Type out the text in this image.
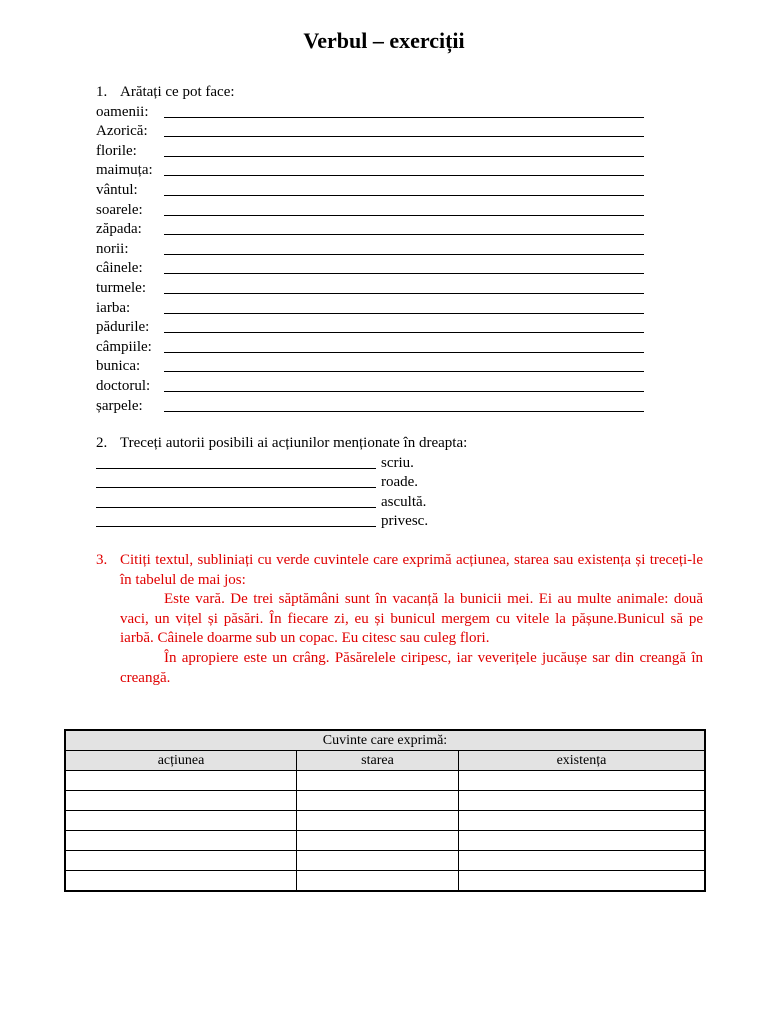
Verbul – exerciții
1. Arătați ce pot face:
oamenii:
Azorică:
florile:
maimuța:
vântul:
soarele:
zăpada:
norii:
câinele:
turmele:
iarba:
pădurile:
câmpiile:
bunica:
doctorul:
șarpele:
2. Treceți autorii posibili ai acțiunilor menționate în dreapta:
scriu.
roade.
ascultă.
privesc.
3. Citiți textul, subliniați cu verde cuvintele care exprimă acțiunea, starea sau existența și treceți-le în tabelul de mai jos:
Este vară. De trei săptămâni sunt în vacanță la bunicii mei. Ei au multe animale: două vaci, un vițel și păsări. În fiecare zi, eu și bunicul mergem cu vitele la pășune.Bunicul să pe iarbă. Câinele doarme sub un copac. Eu citesc sau culeg flori.
În apropiere este un crâng. Păsărelele ciripesc, iar veverițele jucăușe sar din creangă în creangă.
Cuvinte care exprimă:		
acțiunea	starea	existența
